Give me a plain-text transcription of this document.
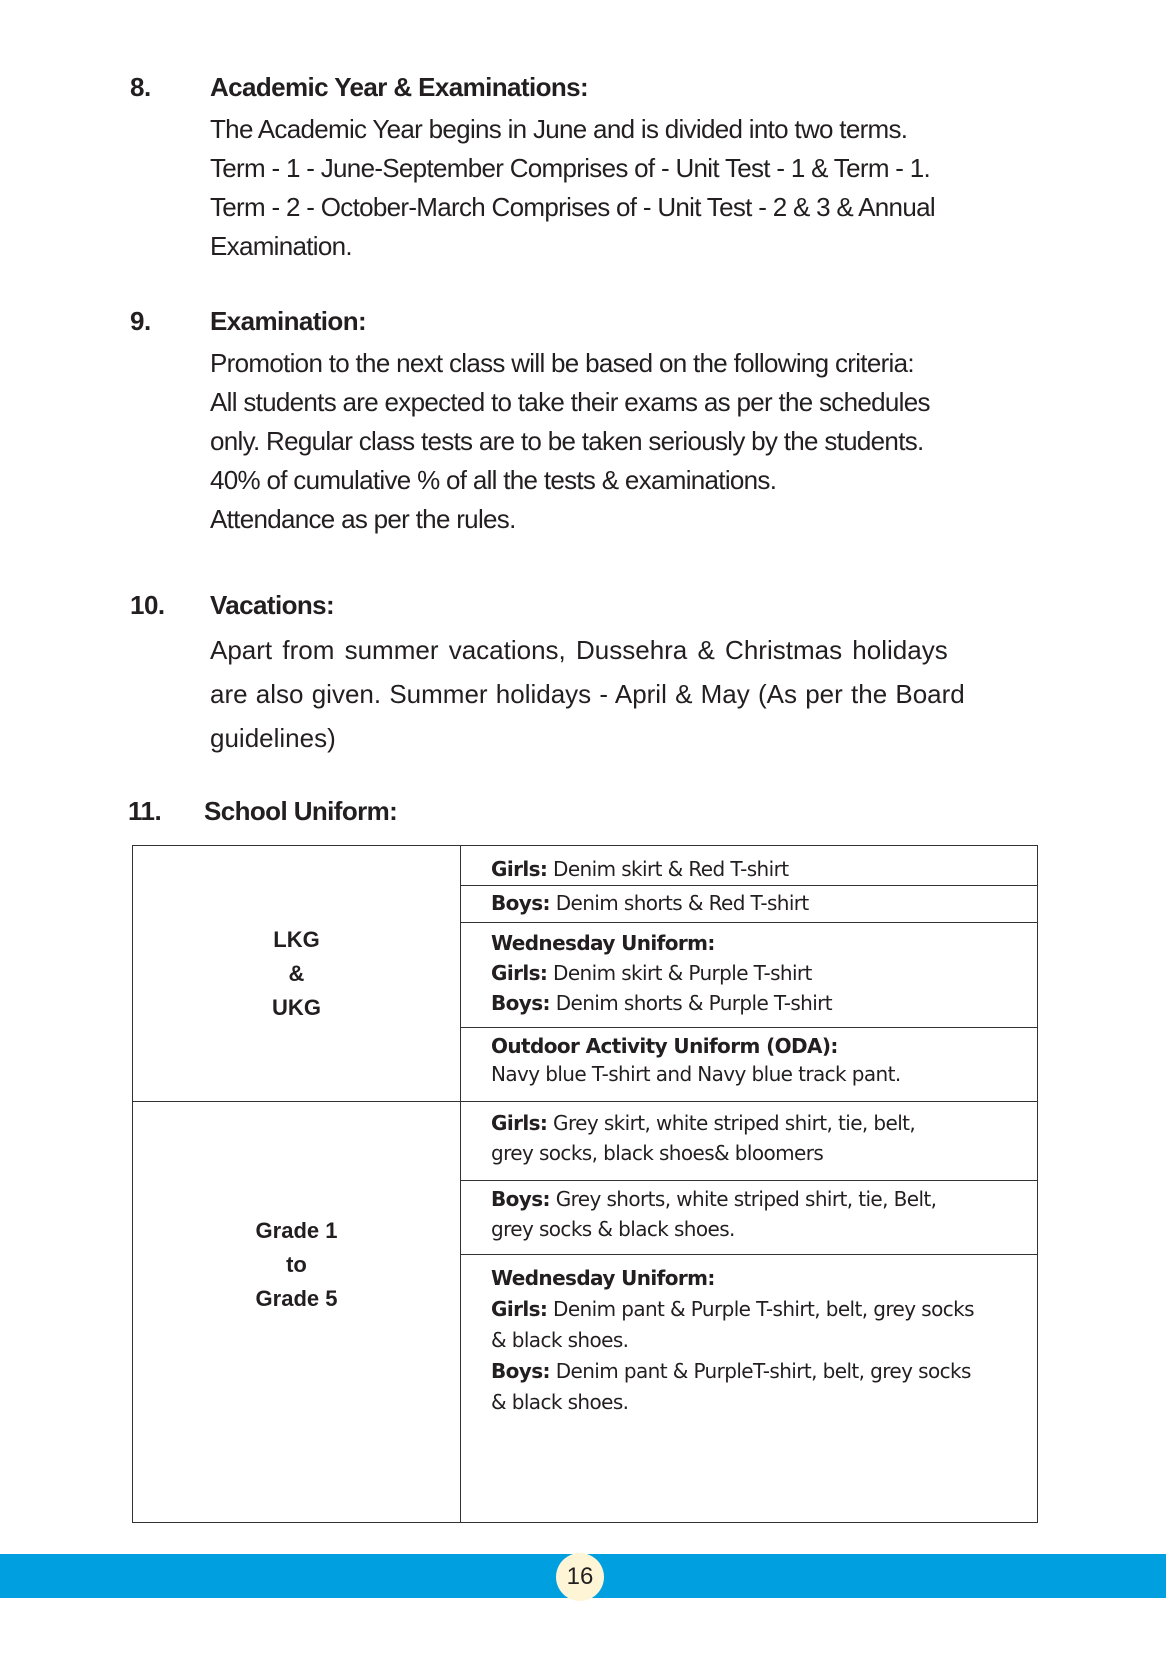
8. Academic Year & Examinations:
The Academic Year begins in June and is divided into two terms.
Term - 1 - June-September Comprises of - Unit Test - 1 & Term - 1.
Term - 2 - October-March Comprises of - Unit Test - 2 & 3 & Annual
Examination.
9. Examination:
Promotion to the next class will be based on the following criteria:
All students are expected to take their exams as per the schedules
only. Regular class tests are to be taken seriously by the students.
40% of cumulative % of all the tests & examinations.
Attendance as per the rules.
10. Vacations:
Apart from summer vacations, Dussehra & Christmas holidays
are also given. Summer holidays - April & May (As per the Board
guidelines)
11. School Uniform:
LKG
&
UKG
Girls: Denim skirt & Red T-shirt
Boys: Denim shorts & Red T-shirt
Wednesday Uniform:
Girls: Denim skirt & Purple T-shirt
Boys: Denim shorts & Purple T-shirt
Outdoor Activity Uniform (ODA):
Navy blue T-shirt and Navy blue track pant.
Grade 1
to
Grade 5
Girls: Grey skirt, white striped shirt, tie, belt,
grey socks, black shoes& bloomers
Boys: Grey shorts, white striped shirt, tie, Belt,
grey socks & black shoes.
Wednesday Uniform:
Girls: Denim pant & Purple T-shirt, belt, grey socks
& black shoes.
Boys: Denim pant & PurpleT-shirt, belt, grey socks
& black shoes.
16
